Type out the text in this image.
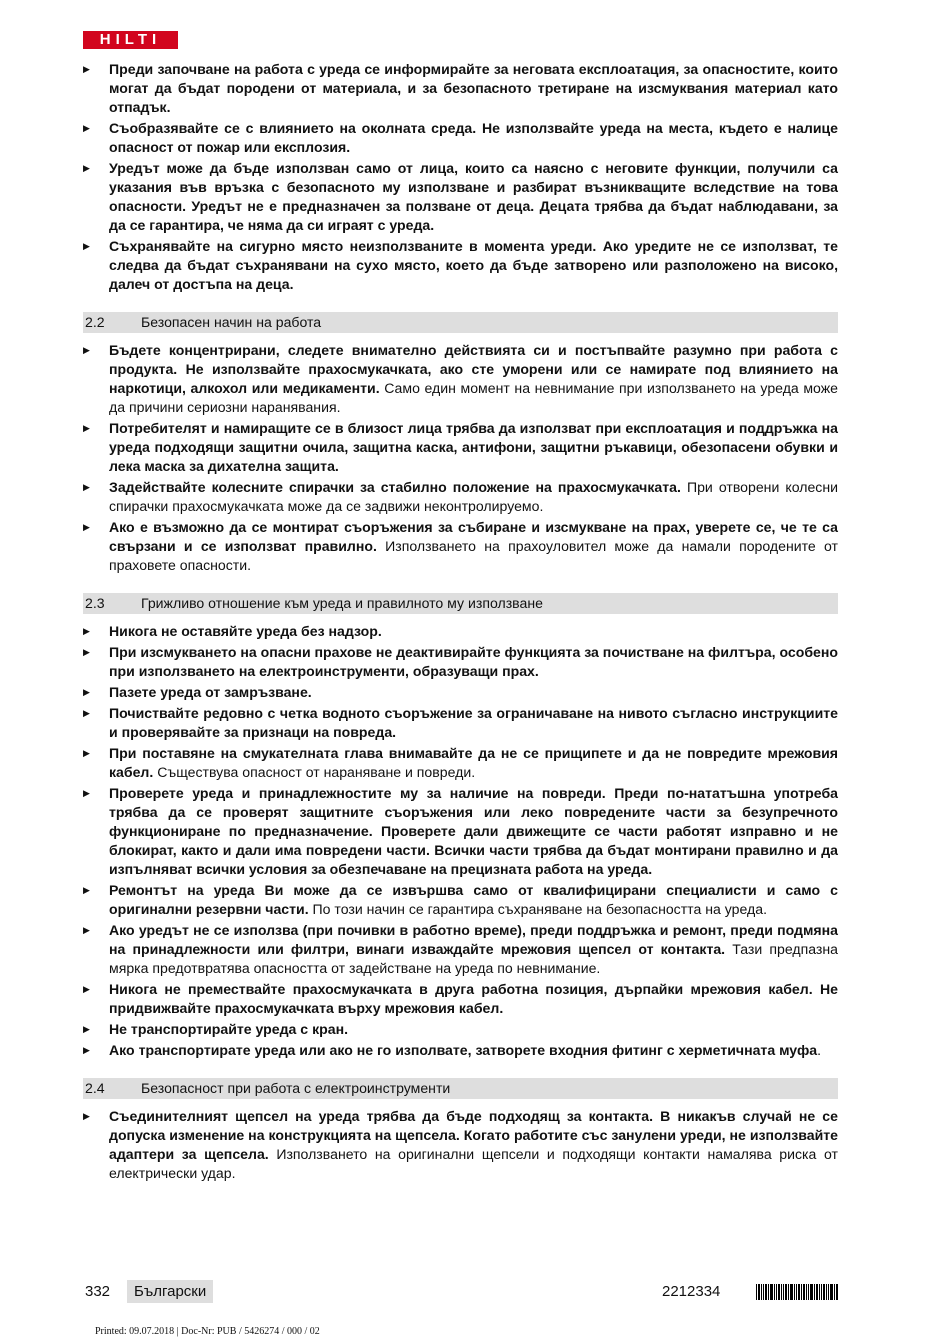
HILTI
▶ Преди започване на работа с уреда се информирайте за неговата експлоатация, за опасностите, които могат да бъдат породени от материала, и за безопасното третиране на изсмуквания материал като отпадък.
▶ Съобразявайте се с влиянието на околната среда. Не използвайте уреда на места, където е налице опасност от пожар или експлозия.
▶ Уредът може да бъде използван само от лица, които са наясно с неговите функции, получили са указания във връзка с безопасното му използване и разбират възникващите вследствие на това опасности. Уредът не е предназначен за ползване от деца. Децата трябва да бъдат наблюдавани, за да се гарантира, че няма да си играят с уреда.
▶ Съхранявайте на сигурно място неизползваните в момента уреди. Ако уредите не се използват, те следва да бъдат съхранявани на сухо място, което да бъде затворено или разположено на високо, далеч от достъпа на деца.
2.2	Безопасен начин на работа
▶ Бъдете концентрирани, следете внимателно действията си и постъпвайте разумно при работа с продукта. Не използвайте прахосмукачката, ако сте уморени или се намирате под влиянието на наркотици, алкохол или медикаменти. Само един момент на невнимание при използването на уреда може да причини сериозни наранявания.
▶ Потребителят и намиращите се в близост лица трябва да използват при експлоатация и поддръжка на уреда подходящи защитни очила, защитна каска, антифони, защитни ръкавици, обезопасени обувки и лека маска за дихателна защита.
▶ Задействайте колесните спирачки за стабилно положение на прахосмукачката. При отворени колесни спирачки прахосмукачката може да се задвижи неконтролируемо.
▶ Ако е възможно да се монтират съоръжения за събиране и изсмукване на прах, уверете се, че те са свързани и се използват правилно. Използването на прахоуловител може да намали породените от праховете опасности.
2.3	Грижливо отношение към уреда и правилното му използване
▶ Никога не оставяйте уреда без надзор.
▶ При изсмукването на опасни прахове не деактивирайте функцията за почистване на филтъра, особено при използването на електроинструменти, образуващи прах.
▶ Пазете уреда от замръзване.
▶ Почиствайте редовно с четка водното съоръжение за ограничаване на нивото съгласно инструкциите и проверявайте за признаци на повреда.
▶ При поставяне на смукателната глава внимавайте да не се прищипете и да не повредите мрежовия кабел. Съществува опасност от нараняване и повреди.
▶ Проверете уреда и принадлежностите му за наличие на повреди. Преди по-нататъшна употреба трябва да се проверят защитните съоръжения или леко повредените части за безупречното функциониране по предназначение. Проверете дали движещите се части работят изправно и не блокират, както и дали има повредени части. Всички части трябва да бъдат монтирани правилно и да изпълняват всички условия за обезпечаване на прецизната работа на уреда.
▶ Ремонтът на уреда Ви може да се извършва само от квалифицирани специалисти и само с оригинални резервни части. По този начин се гарантира съхраняване на безопасността на уреда.
▶ Ако уредът не се използва (при почивки в работно време), преди поддръжка и ремонт, преди подмяна на принадлежности или филтри, винаги изваждайте мрежовия щепсел от контакта. Тази предпазна мярка предотвратява опасността от задействане на уреда по невнимание.
▶ Никога не премествайте прахосмукачката в друга работна позиция, дърпайки мрежовия кабел. Не придвижвайте прахосмукачката върху мрежовия кабел.
▶ Не транспортирайте уреда с кран.
▶ Ако транспортирате уреда или ако не го изполвате, затворете входния фитинг с херметичната муфа.
2.4	Безопасност при работа с електроинструменти
▶ Съединителният щепсел на уреда трябва да бъде подходящ за контакта. В никакъв случай не се допуска изменение на конструкцията на щепсела. Когато работите със занулени уреди, не използвайте адаптери за щепсела. Използването на оригинални щепсели и подходящи контакти намалява риска от електрически удар.
332	Български	2212334
Printed: 09.07.2018 | Doc-Nr: PUB / 5426274 / 000 / 02
